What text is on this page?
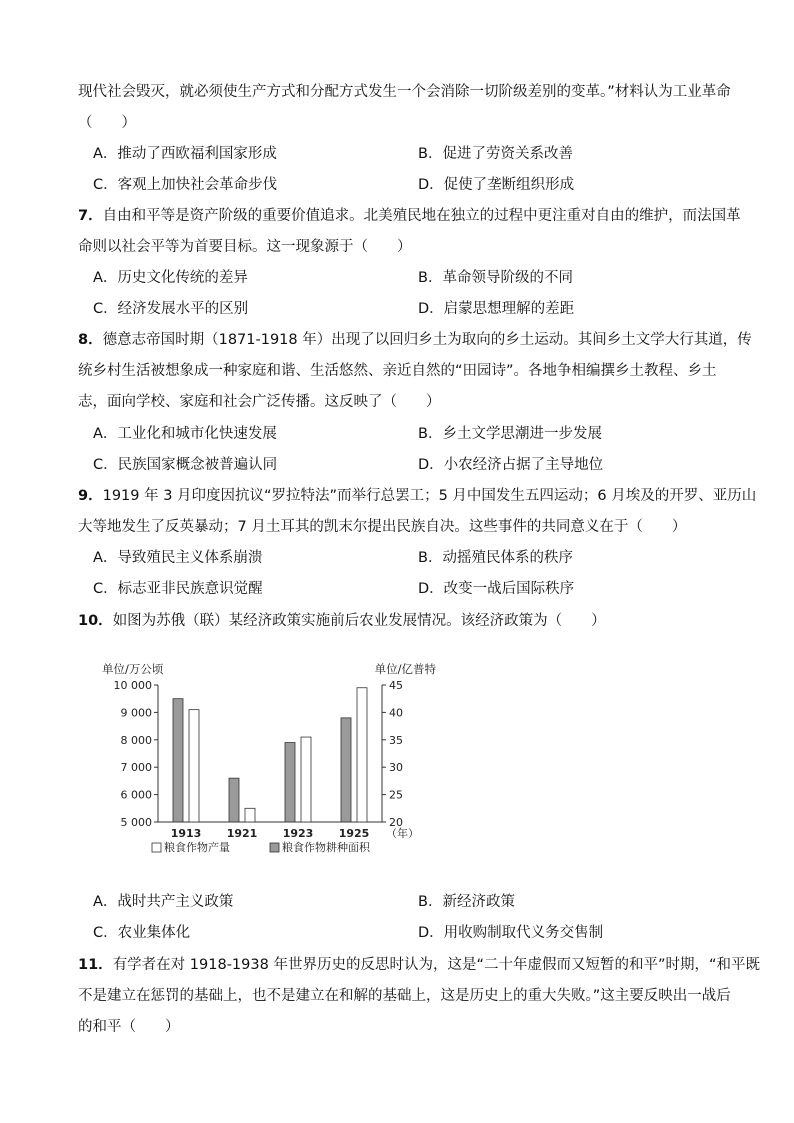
现代社会毁灭，就必须使生产方式和分配方式发生一个会消除一切阶级差别的变革。”材料认为工业革命
（　　）
A．推动了西欧福利国家形成	B．促进了劳资关系改善
C．客观上加快社会革命步伐	D．促使了垄断组织形成
7．自由和平等是资产阶级的重要价值追求。北美殖民地在独立的过程中更注重对自由的维护，而法国革
命则以社会平等为首要目标。这一现象源于（　　）
A．历史文化传统的差异	B．革命领导阶级的不同
C．经济发展水平的区别	D．启蒙思想理解的差距
8．德意志帝国时期（1871-1918 年）出现了以回归乡土为取向的乡土运动。其间乡土文学大行其道，传
统乡村生活被想象成一种家庭和谐、生活悠然、亲近自然的“田园诗”。各地争相编撰乡土教程、乡土
志，面向学校、家庭和社会广泛传播。这反映了（　　）
A．工业化和城市化快速发展	B．乡土文学思潮进一步发展
C．民族国家概念被普遍认同	D．小农经济占据了主导地位
9．1919 年 3 月印度因抗议“罗拉特法”而举行总罢工；5 月中国发生五四运动；6 月埃及的开罗、亚历山
大等地发生了反英暴动；7 月土耳其的凯末尔提出民族自决。这些事件的共同意义在于（　　）
A．导致殖民主义体系崩溃	B．动摇殖民体系的秩序
C．标志亚非民族意识觉醒	D．改变一战后国际秩序
10．如图为苏俄（联）某经济政策实施前后农业发展情况。该经济政策为（　　）
5 000
6 000
7 000
8 000
9 000
10 000
20
25
30
35
40
45
单位/万公顷	单位/亿普特
1913 1921 1923 1925 （年）
粮食作物产量	粮食作物耕种面积
A．战时共产主义政策	B．新经济政策
C．农业集体化	D．用收购制取代义务交售制
11．有学者在对 1918-1938 年世界历史的反思时认为，这是“二十年虚假而又短暂的和平”时期，“和平既
不是建立在惩罚的基础上，也不是建立在和解的基础上，这是历史上的重大失败。”这主要反映出一战后
的和平（　　）
